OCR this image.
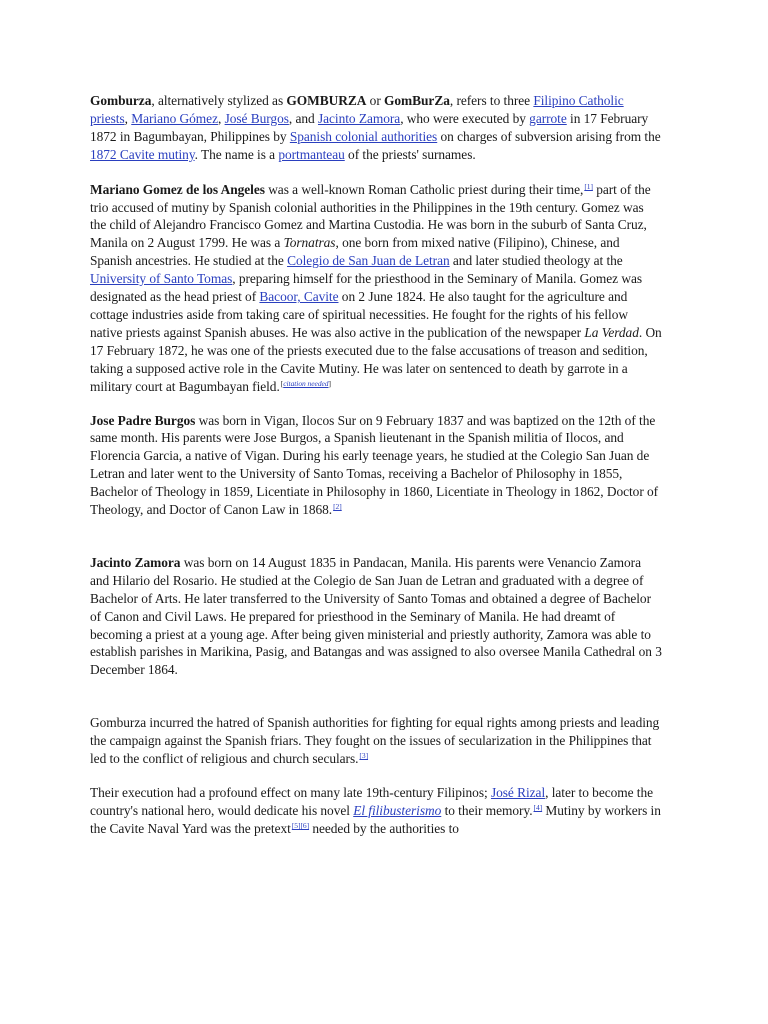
Gomburza, alternatively stylized as GOMBURZA or GomBurZa, refers to three Filipino Catholic priests, Mariano Gómez, José Burgos, and Jacinto Zamora, who were executed by garrote in 17 February 1872 in Bagumbayan, Philippines by Spanish colonial authorities on charges of subversion arising from the 1872 Cavite mutiny. The name is a portmanteau of the priests' surnames.

Mariano Gomez de los Angeles was a well-known Roman Catholic priest during their time,[1] part of the trio accused of mutiny by Spanish colonial authorities in the Philippines in the 19th century. Gomez was the child of Alejandro Francisco Gomez and Martina Custodia. He was born in the suburb of Santa Cruz, Manila on 2 August 1799. He was a Tornatras, one born from mixed native (Filipino), Chinese, and Spanish ancestries. He studied at the Colegio de San Juan de Letran and later studied theology at the University of Santo Tomas, preparing himself for the priesthood in the Seminary of Manila. Gomez was designated as the head priest of Bacoor, Cavite on 2 June 1824. He also taught for the agriculture and cottage industries aside from taking care of spiritual necessities. He fought for the rights of his fellow native priests against Spanish abuses. He was also active in the publication of the newspaper La Verdad. On 17 February 1872, he was one of the priests executed due to the false accusations of treason and sedition, taking a supposed active role in the Cavite Mutiny. He was later on sentenced to death by garrote in a military court at Bagumbayan field.[citation needed]

Jose Padre Burgos was born in Vigan, Ilocos Sur on 9 February 1837 and was baptized on the 12th of the same month. His parents were Jose Burgos, a Spanish lieutenant in the Spanish militia of Ilocos, and Florencia Garcia, a native of Vigan. During his early teenage years, he studied at the Colegio San Juan de Letran and later went to the University of Santo Tomas, receiving a Bachelor of Philosophy in 1855, Bachelor of Theology in 1859, Licentiate in Philosophy in 1860, Licentiate in Theology in 1862, Doctor of Theology, and Doctor of Canon Law in 1868.[2]

Jacinto Zamora was born on 14 August 1835 in Pandacan, Manila. His parents were Venancio Zamora and Hilario del Rosario. He studied at the Colegio de San Juan de Letran and graduated with a degree of Bachelor of Arts. He later transferred to the University of Santo Tomas and obtained a degree of Bachelor of Canon and Civil Laws. He prepared for priesthood in the Seminary of Manila. He had dreamt of becoming a priest at a young age. After being given ministerial and priestly authority, Zamora was able to establish parishes in Marikina, Pasig, and Batangas and was assigned to also oversee Manila Cathedral on 3 December 1864.

Gomburza incurred the hatred of Spanish authorities for fighting for equal rights among priests and leading the campaign against the Spanish friars. They fought on the issues of secularization in the Philippines that led to the conflict of religious and church seculars.[3]

Their execution had a profound effect on many late 19th-century Filipinos; José Rizal, later to become the country's national hero, would dedicate his novel El filibusterismo to their memory.[4] Mutiny by workers in the Cavite Naval Yard was the pretext[5][6] needed by the authorities to
